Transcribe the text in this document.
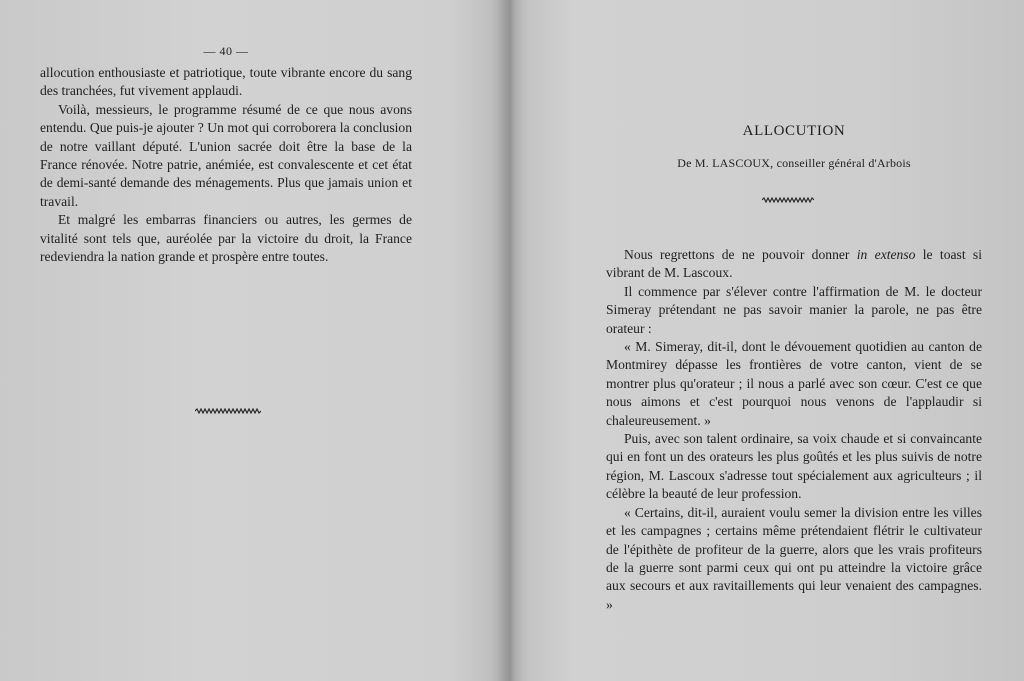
— 40 —

allocution enthousiaste et patriotique, toute vibrante encore du sang des tranchées, fut vivement applaudi.

Voilà, messieurs, le programme résumé de ce que nous avons entendu. Que puis-je ajouter ? Un mot qui corroborera la conclusion de notre vaillant député. L'union sacrée doit être la base de la France rénovée. Notre patrie, anémiée, est convalescente et cet état de demi-santé demande des ménagements. Plus que jamais union et travail.

Et malgré les embarras financiers ou autres, les germes de vitalité sont tels que, auréolée par la victoire du droit, la France redeviendra la nation grande et prospère entre toutes.

ALLOCUTION
De M. LASCOUX, conseiller général d'Arbois

Nous regrettons de ne pouvoir donner in extenso le toast si vibrant de M. Lascoux.

Il commence par s'élever contre l'affirmation de M. le docteur Simeray prétendant ne pas savoir manier la parole, ne pas être orateur :

« M. Simeray, dit-il, dont le dévouement quotidien au canton de Montmirey dépasse les frontières de votre canton, vient de se montrer plus qu'orateur ; il nous a parlé avec son cœur. C'est ce que nous aimons et c'est pourquoi nous venons de l'applaudir si chaleureusement. »

Puis, avec son talent ordinaire, sa voix chaude et si convaincante qui en font un des orateurs les plus goûtés et les plus suivis de notre région, M. Lascoux s'adresse tout spécialement aux agriculteurs ; il célèbre la beauté de leur profession.

« Certains, dit-il, auraient voulu semer la division entre les villes et les campagnes ; certains même prétendaient flétrir le cultivateur de l'épithète de profiteur de la guerre, alors que les vrais profiteurs de la guerre sont parmi ceux qui ont pu atteindre la victoire grâce aux secours et aux ravitaillements qui leur venaient des campagnes. »
